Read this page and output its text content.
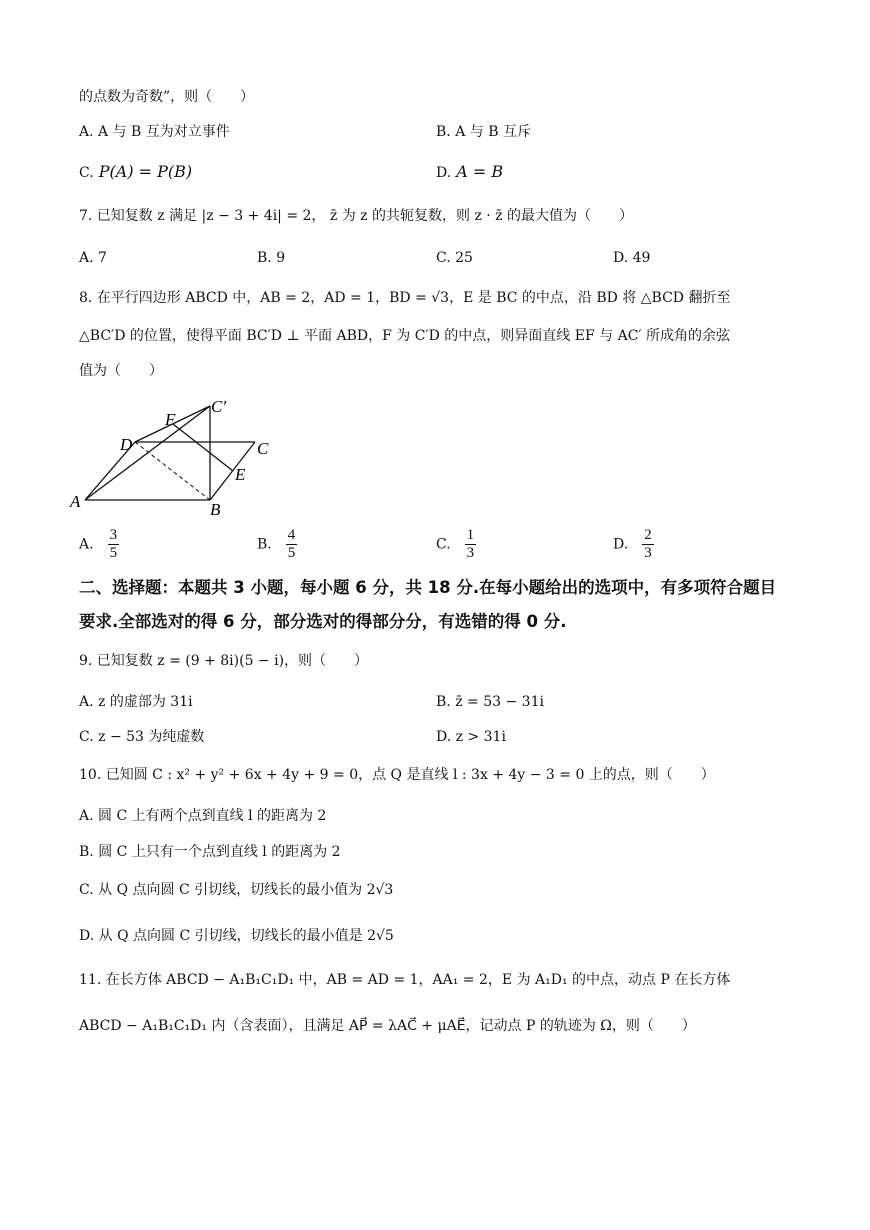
的点数为奇数”，则（　　）
A. A 与 B 互为对立事件	B. A 与 B 互斥
C. P(A) = P(B)	D. A = B
7. 已知复数 z 满足 |z − 3 + 4i| = 2， z̄ 为 z 的共轭复数，则 z · z̄ 的最大值为（　　）
A. 7	B. 9	C. 25	D. 49
8. 在平行四边形 ABCD 中，AB = 2，AD = 1，BD = √3，E 是 BC 的中点，沿 BD 将 △BCD 翻折至
△BC′D 的位置，使得平面 BC′D ⊥ 平面 ABD，F 为 C′D 的中点，则异面直线 EF 与 AC′ 所成角的余弦
值为（　　）
A	B
C
D
E
F
C′
A. $\frac{3}{5}$	B. $\frac{4}{5}$	C. $\frac{1}{3}$	D. $\frac{2}{3}$
二、选择题：本题共 3 小题，每小题 6 分，共 18 分.在每小题给出的选项中，有多项符合题目
要求.全部选对的得 6 分，部分选对的得部分分，有选错的得 0 分.
9. 已知复数 z = (9 + 8i)(5 − i)，则（　　）
A. z 的虚部为 31i	B. z̄ = 53 − 31i
C. z − 53 为纯虚数	D. z > 31i
10. 已知圆 C : x² + y² + 6x + 4y + 9 = 0，点 Q 是直线 l : 3x + 4y − 3 = 0 上的点，则（　　）
A. 圆 C 上有两个点到直线 l 的距离为 2
B. 圆 C 上只有一个点到直线 l 的距离为 2
C. 从 Q 点向圆 C 引切线，切线长的最小值为 2√3
D. 从 Q 点向圆 C 引切线，切线长的最小值是 2√5
11. 在长方体 ABCD − A₁B₁C₁D₁ 中，AB = AD = 1，AA₁ = 2，E 为 A₁D₁ 的中点，动点 P 在长方体
ABCD − A₁B₁C₁D₁ 内（含表面），且满足 AP⃗ = λAC⃗ + μAE⃗，记动点 P 的轨迹为 Ω，则（　　）
